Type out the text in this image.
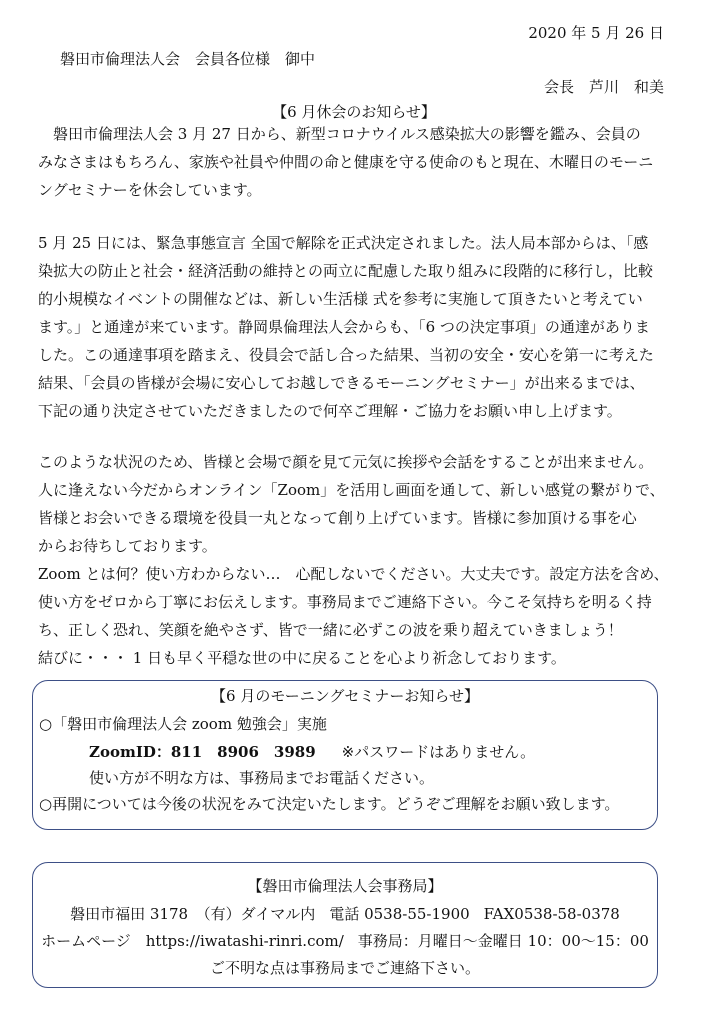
2020 年 5 月 26 日
磐田市倫理法人会　会員各位様　御中
会長　芦川　和美
【6 月休会のお知らせ】
　磐田市倫理法人会 3 月 27 日から、新型コロナウイルス感染拡大の影響を鑑み、会員の
みなさまはもちろん、家族や社員や仲間の命と健康を守る使命のもと現在、木曜日のモーニ
ングセミナーを休会しています。
5 月 25 日には、緊急事態宣言 全国で解除を正式決定されました。法人局本部からは、「感
染拡大の防止と社会・経済活動の維持との両立に配慮した取り組みに段階的に移行し，比較
的小規模なイベントの開催などは、新しい生活様 式を参考に実施して頂きたいと考えてい
ます。」と通達が来ています。静岡県倫理法人会からも、「6 つの決定事項」の通達がありま
した。この通達事項を踏まえ、役員会で話し合った結果、当初の安全・安心を第一に考えた
結果、「会員の皆様が会場に安心してお越しできるモーニングセミナー」が出来るまでは、
下記の通り決定させていただきましたので何卒ご理解・ご協力をお願い申し上げます。
このような状況のため、皆様と会場で顔を見て元気に挨拶や会話をすることが出来ません。
人に逢えない今だからオンライン「Zoom」を活用し画面を通して、新しい感覚の繋がりで、
皆様とお会いできる環境を役員一丸となって創り上げています。皆様に参加頂ける事を心
からお待ちしております。
Zoom とは何？使い方わからない…　心配しないでください。大丈夫です。設定方法を含め、
使い方をゼロから丁寧にお伝えします。事務局までご連絡下さい。今こそ気持ちを明るく持
ち、正しく恐れ、笑顔を絶やさず、皆で一緒に必ずこの波を乗り超えていきましょう！
結びに・・・ 1 日も早く平穏な世の中に戻ることを心より祈念しております。
【6 月のモーニングセミナーお知らせ】
○「磐田市倫理法人会 zoom 勉強会」実施
ZoomID：811　8906　3989 ※パスワードはありません。
使い方が不明な方は、事務局までお電話ください。
○再開については今後の状況をみて決定いたします。どうぞご理解をお願い致します。
【磐田市倫理法人会事務局】
磐田市福田 3178　（有）ダイマル内 電話 0538-55-1900 FAX0538-58-0378
ホームページ　https://iwatashi-rinri.com/ 事務局：月曜日～金曜日 10：00～15：00
ご不明な点は事務局までご連絡下さい。
